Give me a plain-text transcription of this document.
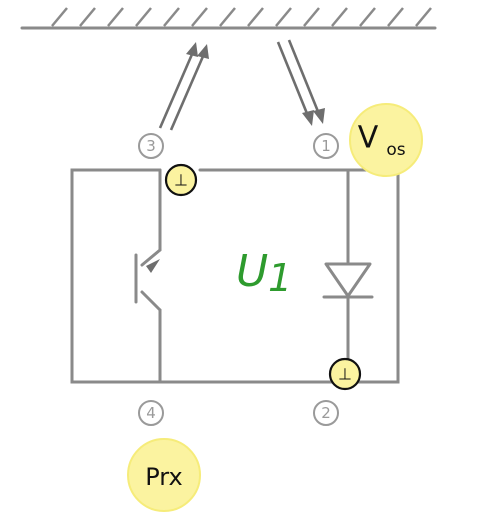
3	1
4	2
⊥
⊥
V os
Prx
U 1
